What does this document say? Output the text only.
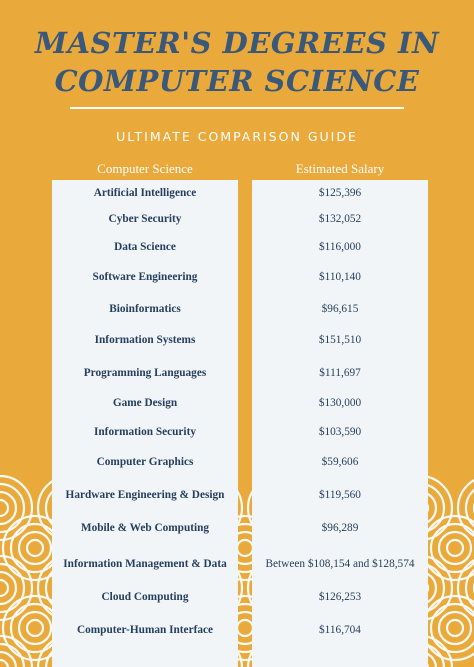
MASTER'S DEGREES IN
COMPUTER SCIENCE
ULTIMATE COMPARISON GUIDE
Computer Science	Estimated Salary
Artificial Intelligence	$125,396
Cyber Security	$132,052
Data Science	$116,000
Software Engineering	$110,140
Bioinformatics	$96,615
Information Systems	$151,510
Programming Languages	$111,697
Game Design	$130,000
Information Security	$103,590
Computer Graphics	$59,606
Hardware Engineering & Design	$119,560
Mobile & Web Computing	$96,289
Information Management & Data	Between $108,154 and $128,574
Cloud Computing	$126,253
Computer-Human Interface	$116,704
